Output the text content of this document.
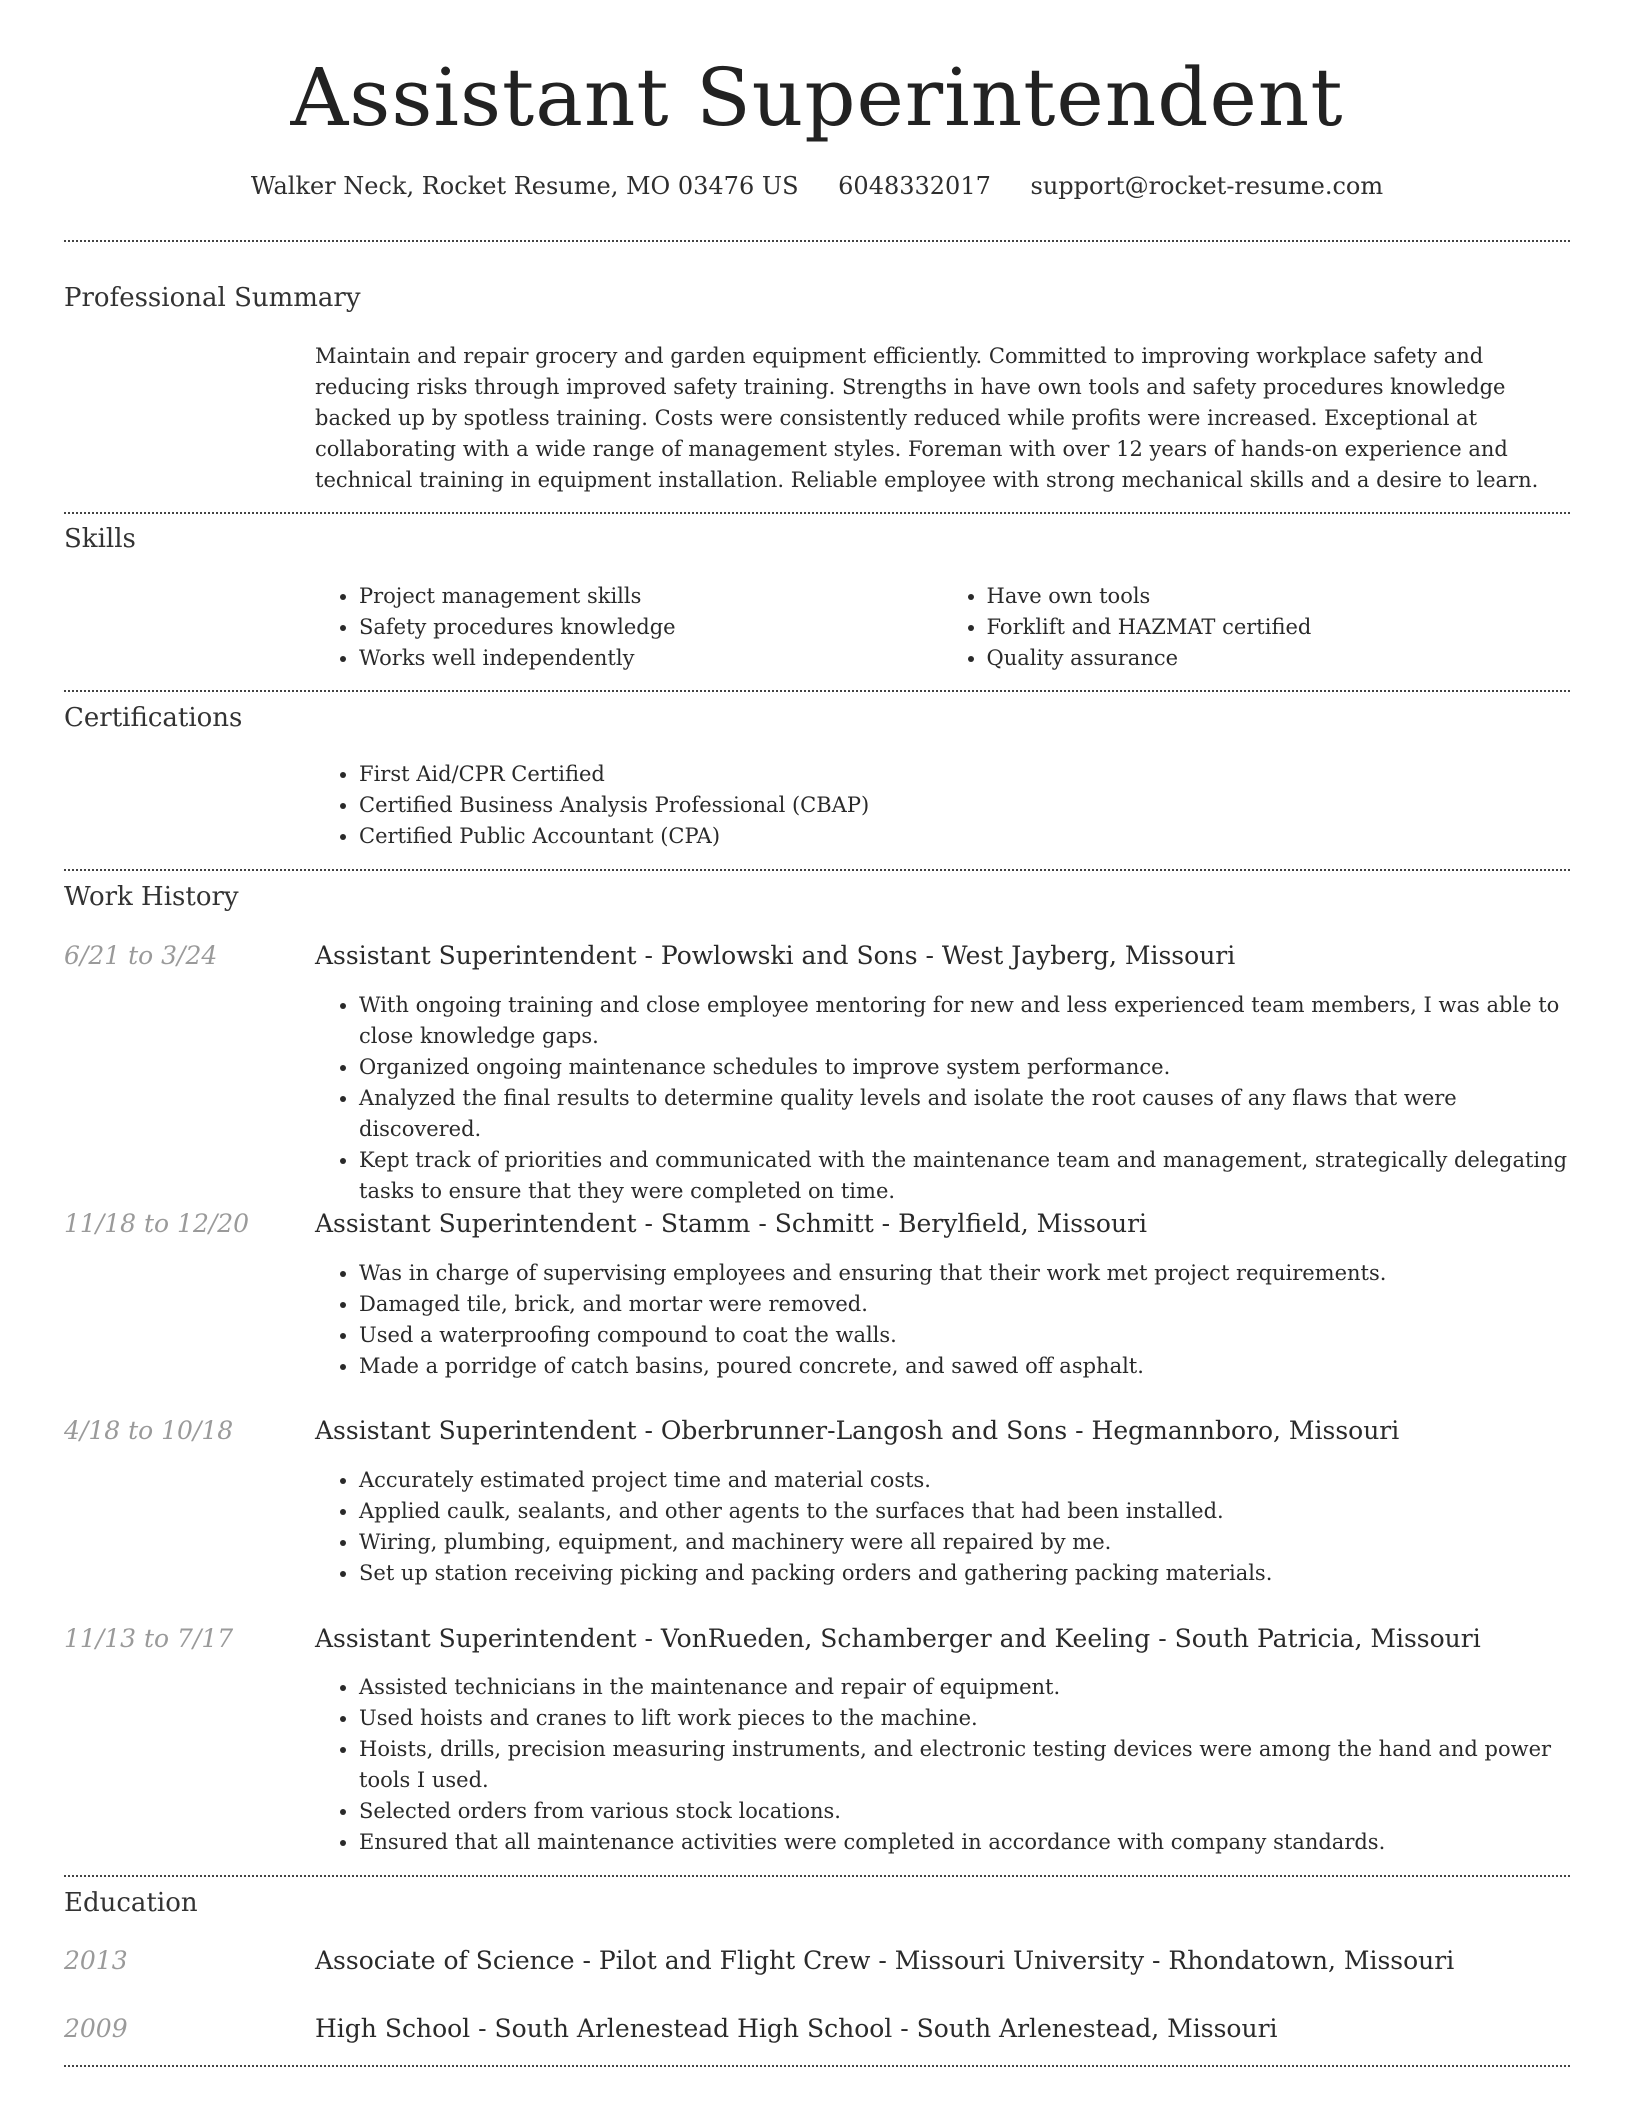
Assistant Superintendent
Walker Neck, Rocket Resume, MO 03476 US 6048332017 support@rocket-resume.com
Professional Summary

Maintain and repair grocery and garden equipment efficiently. Committed to improving workplace safety and reducing risks through improved safety training. Strengths in have own tools and safety procedures knowledge backed up by spotless training. Costs were consistently reduced while profits were increased. Exceptional at collaborating with a wide range of management styles. Foreman with over 12 years of hands-on experience and technical training in equipment installation. Reliable employee with strong mechanical skills and a desire to learn.

Skills
• Project management skills
• Safety procedures knowledge
• Works well independently
• Have own tools
• Forklift and HAZMAT certified
• Quality assurance
Certifications
• First Aid/CPR Certified
• Certified Business Analysis Professional (CBAP)
• Certified Public Accountant (CPA)
Work History
6/21 to 3/24	Assistant Superintendent - Powlowski and Sons - West Jayberg, Missouri
• With ongoing training and close employee mentoring for new and less experienced team members, I was able to close knowledge gaps.
• Organized ongoing maintenance schedules to improve system performance.
• Analyzed the final results to determine quality levels and isolate the root causes of any flaws that were discovered.
• Kept track of priorities and communicated with the maintenance team and management, strategically delegating tasks to ensure that they were completed on time.
11/18 to 12/20	Assistant Superintendent - Stamm - Schmitt - Berylfield, Missouri
• Was in charge of supervising employees and ensuring that their work met project requirements.
• Damaged tile, brick, and mortar were removed.
• Used a waterproofing compound to coat the walls.
• Made a porridge of catch basins, poured concrete, and sawed off asphalt.
4/18 to 10/18	Assistant Superintendent - Oberbrunner-Langosh and Sons - Hegmannboro, Missouri
• Accurately estimated project time and material costs.
• Applied caulk, sealants, and other agents to the surfaces that had been installed.
• Wiring, plumbing, equipment, and machinery were all repaired by me.
• Set up station receiving picking and packing orders and gathering packing materials.
11/13 to 7/17	Assistant Superintendent - VonRueden, Schamberger and Keeling - South Patricia, Missouri
• Assisted technicians in the maintenance and repair of equipment.
• Used hoists and cranes to lift work pieces to the machine.
• Hoists, drills, precision measuring instruments, and electronic testing devices were among the hand and power tools I used.
• Selected orders from various stock locations.
• Ensured that all maintenance activities were completed in accordance with company standards.
Education
2013	Associate of Science - Pilot and Flight Crew - Missouri University - Rhondatown, Missouri
2009	High School - South Arlenestead High School - South Arlenestead, Missouri
